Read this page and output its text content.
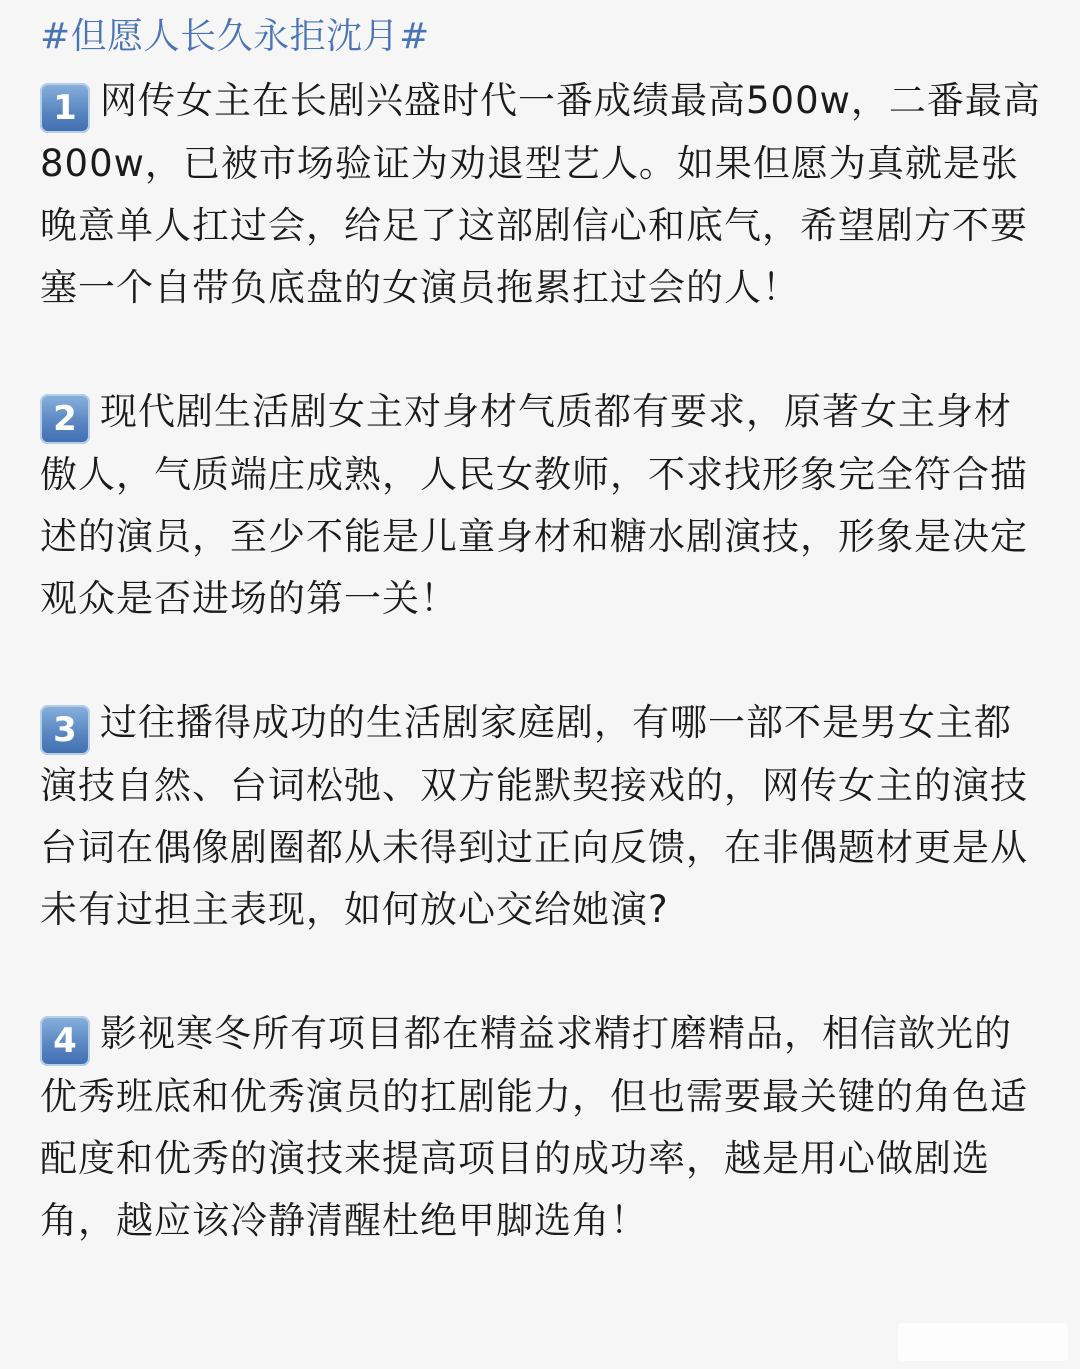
#但愿人长久永拒沈月#

1 网传女主在长剧兴盛时代一番成绩最高500w，二番最高800w，已被市场验证为劝退型艺人。如果但愿为真就是张晚意单人扛过会，给足了这部剧信心和底气，希望剧方不要塞一个自带负底盘的女演员拖累扛过会的人！

2 现代剧生活剧女主对身材气质都有要求，原著女主身材傲人，气质端庄成熟，人民女教师，不求找形象完全符合描述的演员，至少不能是儿童身材和糖水剧演技，形象是决定观众是否进场的第一关！

3 过往播得成功的生活剧家庭剧，有哪一部不是男女主都演技自然、台词松弛、双方能默契接戏的，网传女主的演技台词在偶像剧圈都从未得到过正向反馈，在非偶题材更是从未有过担主表现，如何放心交给她演?

4 影视寒冬所有项目都在精益求精打磨精品，相信歆光的优秀班底和优秀演员的扛剧能力，但也需要最关键的角色适配度和优秀的演技来提高项目的成功率，越是用心做剧选角，越应该冷静清醒杜绝甲脚选角！
